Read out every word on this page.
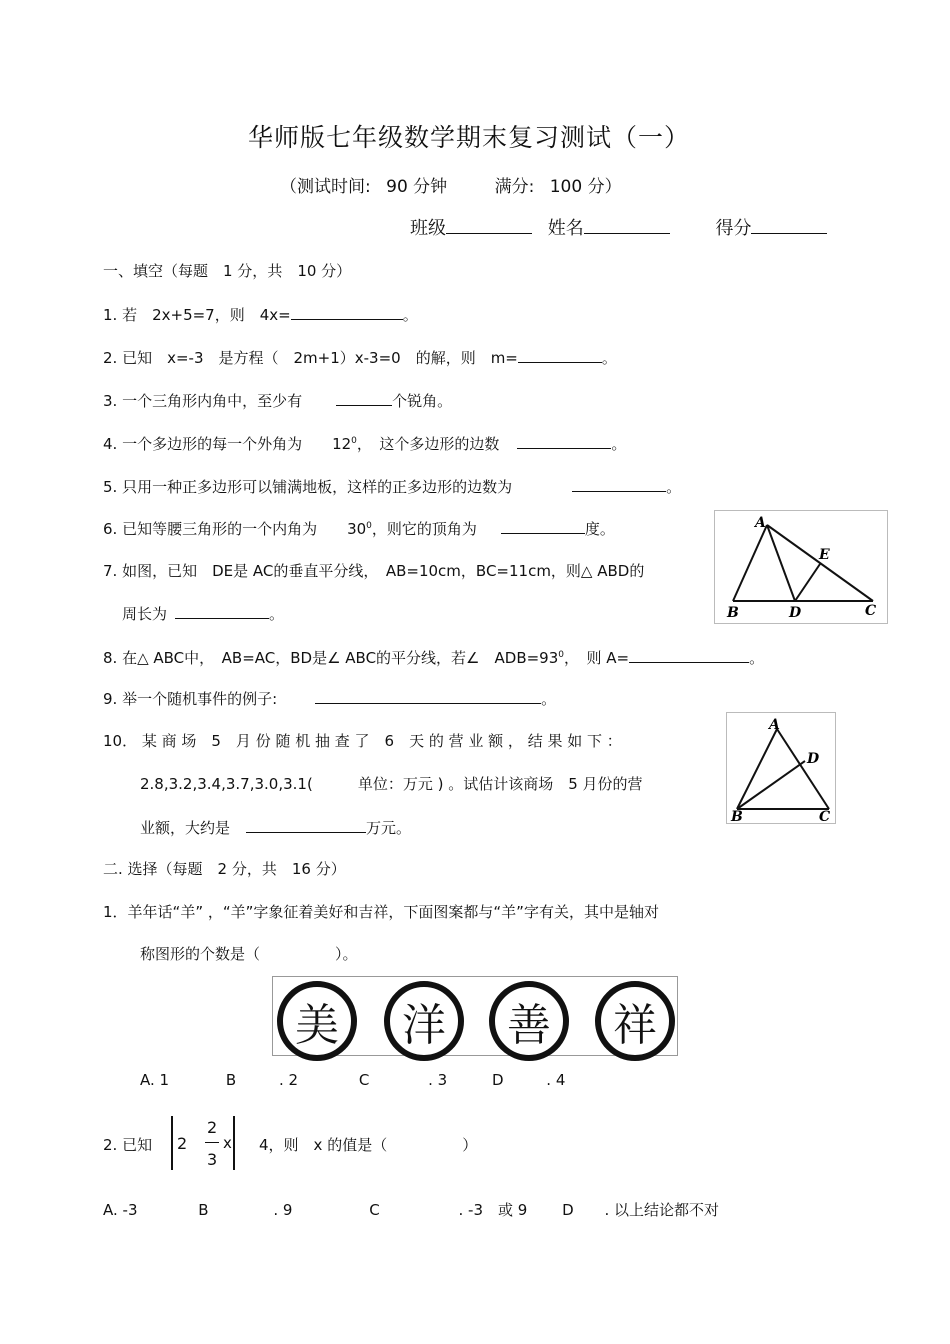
华师版七年级数学期末复习测试（一）
（测试时间: 90 分钟	满分: 100 分）
班级	姓名	得分
一、填空（每题　1 分，共　10 分）
1. 若　2x+5=7，则　4x=	。
2. 已知　x=-3　是方程（　2m+1）x-3=0　的解，则　m=	。
3. 一个三角形内角中，至少有	个锐角。
4. 一个多边形的每一个外角为　　$12^0$，　这个多边形的边数	。
5. 只用一种正多边形可以铺满地板，这样的正多边形的边数为	。
6. 已知等腰三角形的一个内角为　　$30^0$，则它的顶角为	度。
7. 如图，已知　DE是 AC的垂直平分线，　AB=10cm，BC=11cm，则△ ABD的
周长为	。
8. 在△ ABC中，　AB=AC，BD是∠ ABC的平分线，若∠　$ADB=93^0$，　则 A=	。
9. 举一个随机事件的例子:	。
10． 某 商 场　5　月 份 随 机 抽 查 了　6　天 的 营 业 额 ， 结 果 如 下 ：
2.8,3.2,3.4,3.7,3.0,3.1(　　　单位：万元 ) 。试估计该商场　5 月份的营
业额，大约是	万元。
A
B	C
D
E
A
B	C
D
二. 选择（每题　2 分，共　16 分）
1．羊年话“羊” ，“羊”字象征着美好和吉祥，下面图案都与“羊”字有关，其中是轴对
称图形的个数是（　　　　　）。
美	洋	善	祥
A. 1	B	. 2	C	. 3	D	. 4
2. 已知 2
2
3
x 4，则　x 的值是（　　　　　）
A. -3	B	. 9	C	. -3　或 9 D . 以上结论都不对
